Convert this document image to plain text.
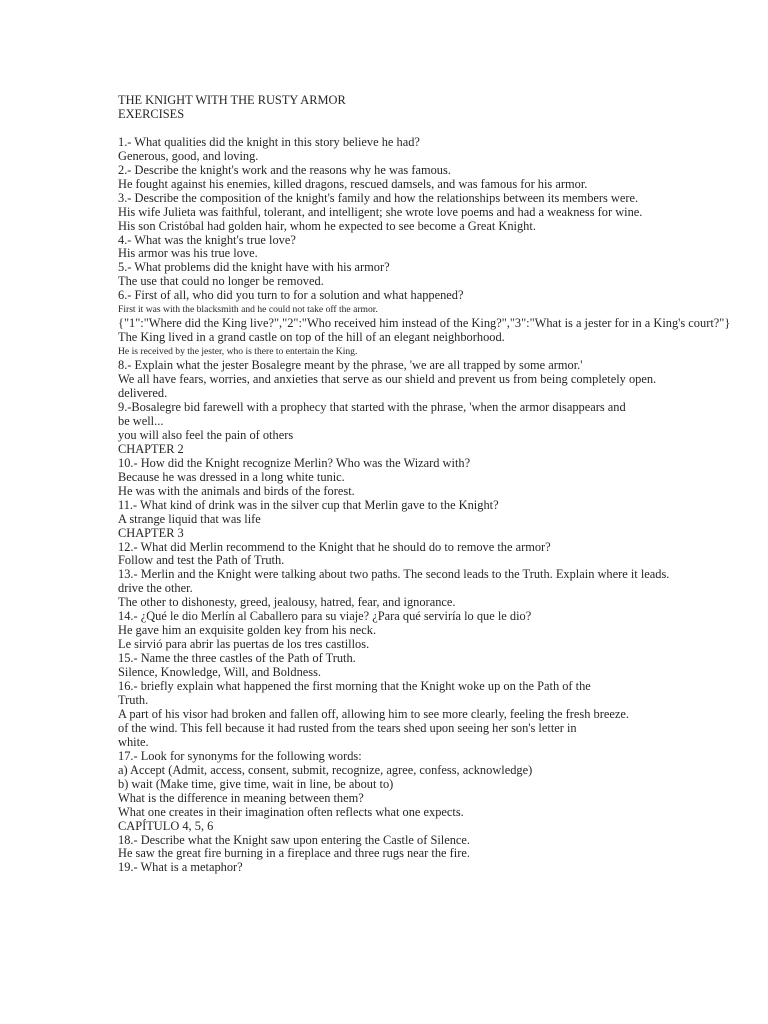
THE KNIGHT WITH THE RUSTY ARMOR
EXERCISES

1.- What qualities did the knight in this story believe he had?
Generous, good, and loving.
2.- Describe the knight's work and the reasons why he was famous.
He fought against his enemies, killed dragons, rescued damsels, and was famous for his armor.
3.- Describe the composition of the knight's family and how the relationships between its members were.
His wife Julieta was faithful, tolerant, and intelligent; she wrote love poems and had a weakness for wine.
His son Cristóbal had golden hair, whom he expected to see become a Great Knight.
4.- What was the knight's true love?
His armor was his true love.
5.- What problems did the knight have with his armor?
The use that could no longer be removed.
6.- First of all, who did you turn to for a solution and what happened?
First it was with the blacksmith and he could not take off the armor.
{"1":"Where did the King live?","2":"Who received him instead of the King?","3":"What is a jester for in a King's court?"}
The King lived in a grand castle on top of the hill of an elegant neighborhood.
He is received by the jester, who is there to entertain the King.
8.- Explain what the jester Bosalegre meant by the phrase, 'we are all trapped by some armor.'
We all have fears, worries, and anxieties that serve as our shield and prevent us from being completely open.
delivered.
9.-Bosalegre bid farewell with a prophecy that started with the phrase, 'when the armor disappears and
be well...
you will also feel the pain of others
CHAPTER 2
10.- How did the Knight recognize Merlin? Who was the Wizard with?
Because he was dressed in a long white tunic.
He was with the animals and birds of the forest.
11.- What kind of drink was in the silver cup that Merlin gave to the Knight?
A strange liquid that was life
CHAPTER 3
12.- What did Merlin recommend to the Knight that he should do to remove the armor?
Follow and test the Path of Truth.
13.- Merlin and the Knight were talking about two paths. The second leads to the Truth. Explain where it leads.
drive the other.
The other to dishonesty, greed, jealousy, hatred, fear, and ignorance.
14.- ¿Qué le dio Merlín al Caballero para su viaje? ¿Para qué serviría lo que le dio?
He gave him an exquisite golden key from his neck.
Le sirvió para abrir las puertas de los tres castillos.
15.- Name the three castles of the Path of Truth.
Silence, Knowledge, Will, and Boldness.
16.- briefly explain what happened the first morning that the Knight woke up on the Path of the
Truth.
A part of his visor had broken and fallen off, allowing him to see more clearly, feeling the fresh breeze.
of the wind. This fell because it had rusted from the tears shed upon seeing her son's letter in
white.
17.- Look for synonyms for the following words:
a) Accept (Admit, access, consent, submit, recognize, agree, confess, acknowledge)
b) wait (Make time, give time, wait in line, be about to)
What is the difference in meaning between them?
What one creates in their imagination often reflects what one expects.
CAPÍTULO 4, 5, 6
18.- Describe what the Knight saw upon entering the Castle of Silence.
He saw the great fire burning in a fireplace and three rugs near the fire.
19.- What is a metaphor?
